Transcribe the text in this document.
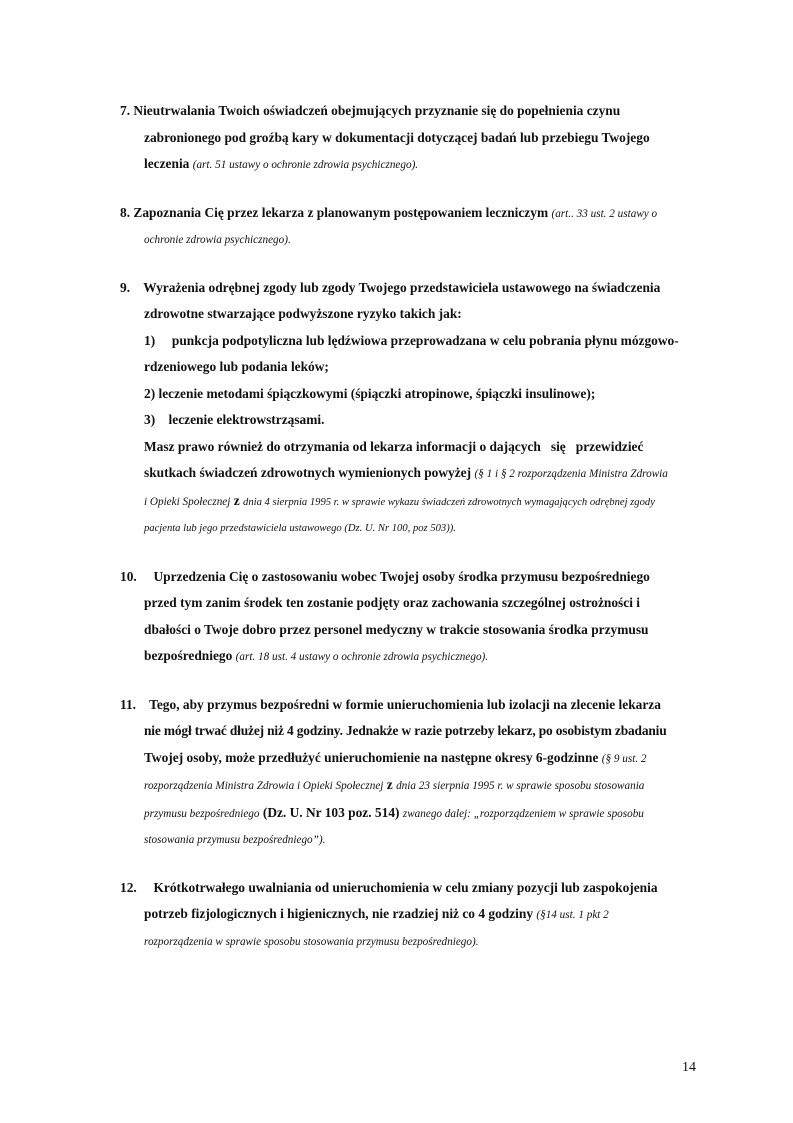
7. Nieutrwalania Twoich oświadczeń obejmujących przyznanie się do popełnienia czynu
zabronionego pod groźbą kary w dokumentacji dotyczącej badań lub przebiegu Twojego
leczenia (art. 51 ustawy o ochronie zdrowia psychicznego).
8. Zapoznania Cię przez lekarza z planowanym postępowaniem leczniczym (art.. 33 ust. 2 ustawy o
ochronie zdrowia psychicznego).
9. Wyrażenia odrębnej zgody lub zgody Twojego przedstawiciela ustawowego na świadczenia
zdrowotne stwarzające podwyższone ryzyko takich jak:
1)     punkcja podpotyliczna lub lędźwiowa przeprowadzana w celu pobrania płynu mózgowo-
rdzeniowego lub podania leków;
2) leczenie metodami śpiączkowymi (śpiączki atropinowe, śpiączki insulinowe);
3)    leczenie elektrowstrząsami.
Masz prawo również do otrzymania od lekarza informacji o dających   się   przewidzieć
skutkach świadczeń zdrowotnych wymienionych powyżej (§ 1 i § 2 rozporządzenia Ministra Zdrowia
i Opieki Społecznej z dnia 4 sierpnia 1995 r. w sprawie wykazu świadczeń zdrowotnych wymagających odrębnej zgody
pacjenta lub jego przedstawiciela ustawowego (Dz. U. Nr 100, poz 503)).
10. Uprzedzenia Cię o zastosowaniu wobec Twojej osoby środka przymusu bezpośredniego
przed tym zanim środek ten zostanie podjęty oraz zachowania szczególnej ostrożności i
dbałości o Twoje dobro przez personel medyczny w trakcie stosowania środka przymusu
bezpośredniego (art. 18 ust. 4 ustawy o ochronie zdrowia psychicznego).
11. Tego, aby przymus bezpośredni w formie unieruchomienia lub izolacji na zlecenie lekarza
nie mógł trwać dłużej niż 4 godziny. Jednakże w razie potrzeby lekarz, po osobistym zbadaniu
Twojej osoby, może przedłużyć unieruchomienie na następne okresy 6-godzinne (§ 9 ust. 2
rozporządzenia Ministra Zdrowia i Opieki Społecznej z dnia 23 sierpnia 1995 r. w sprawie sposobu stosowania
przymusu bezpośredniego (Dz. U. Nr 103 poz. 514) zwanego dalej: „rozporządzeniem w sprawie sposobu
stosowania przymusu bezpośredniego”).
12. Krótkotrwałego uwalniania od unieruchomienia w celu zmiany pozycji lub zaspokojenia
potrzeb fizjologicznych i higienicznych, nie rzadziej niż co 4 godziny (§14 ust. 1 pkt 2
rozporządzenia w sprawie sposobu stosowania przymusu bezpośredniego).
14
